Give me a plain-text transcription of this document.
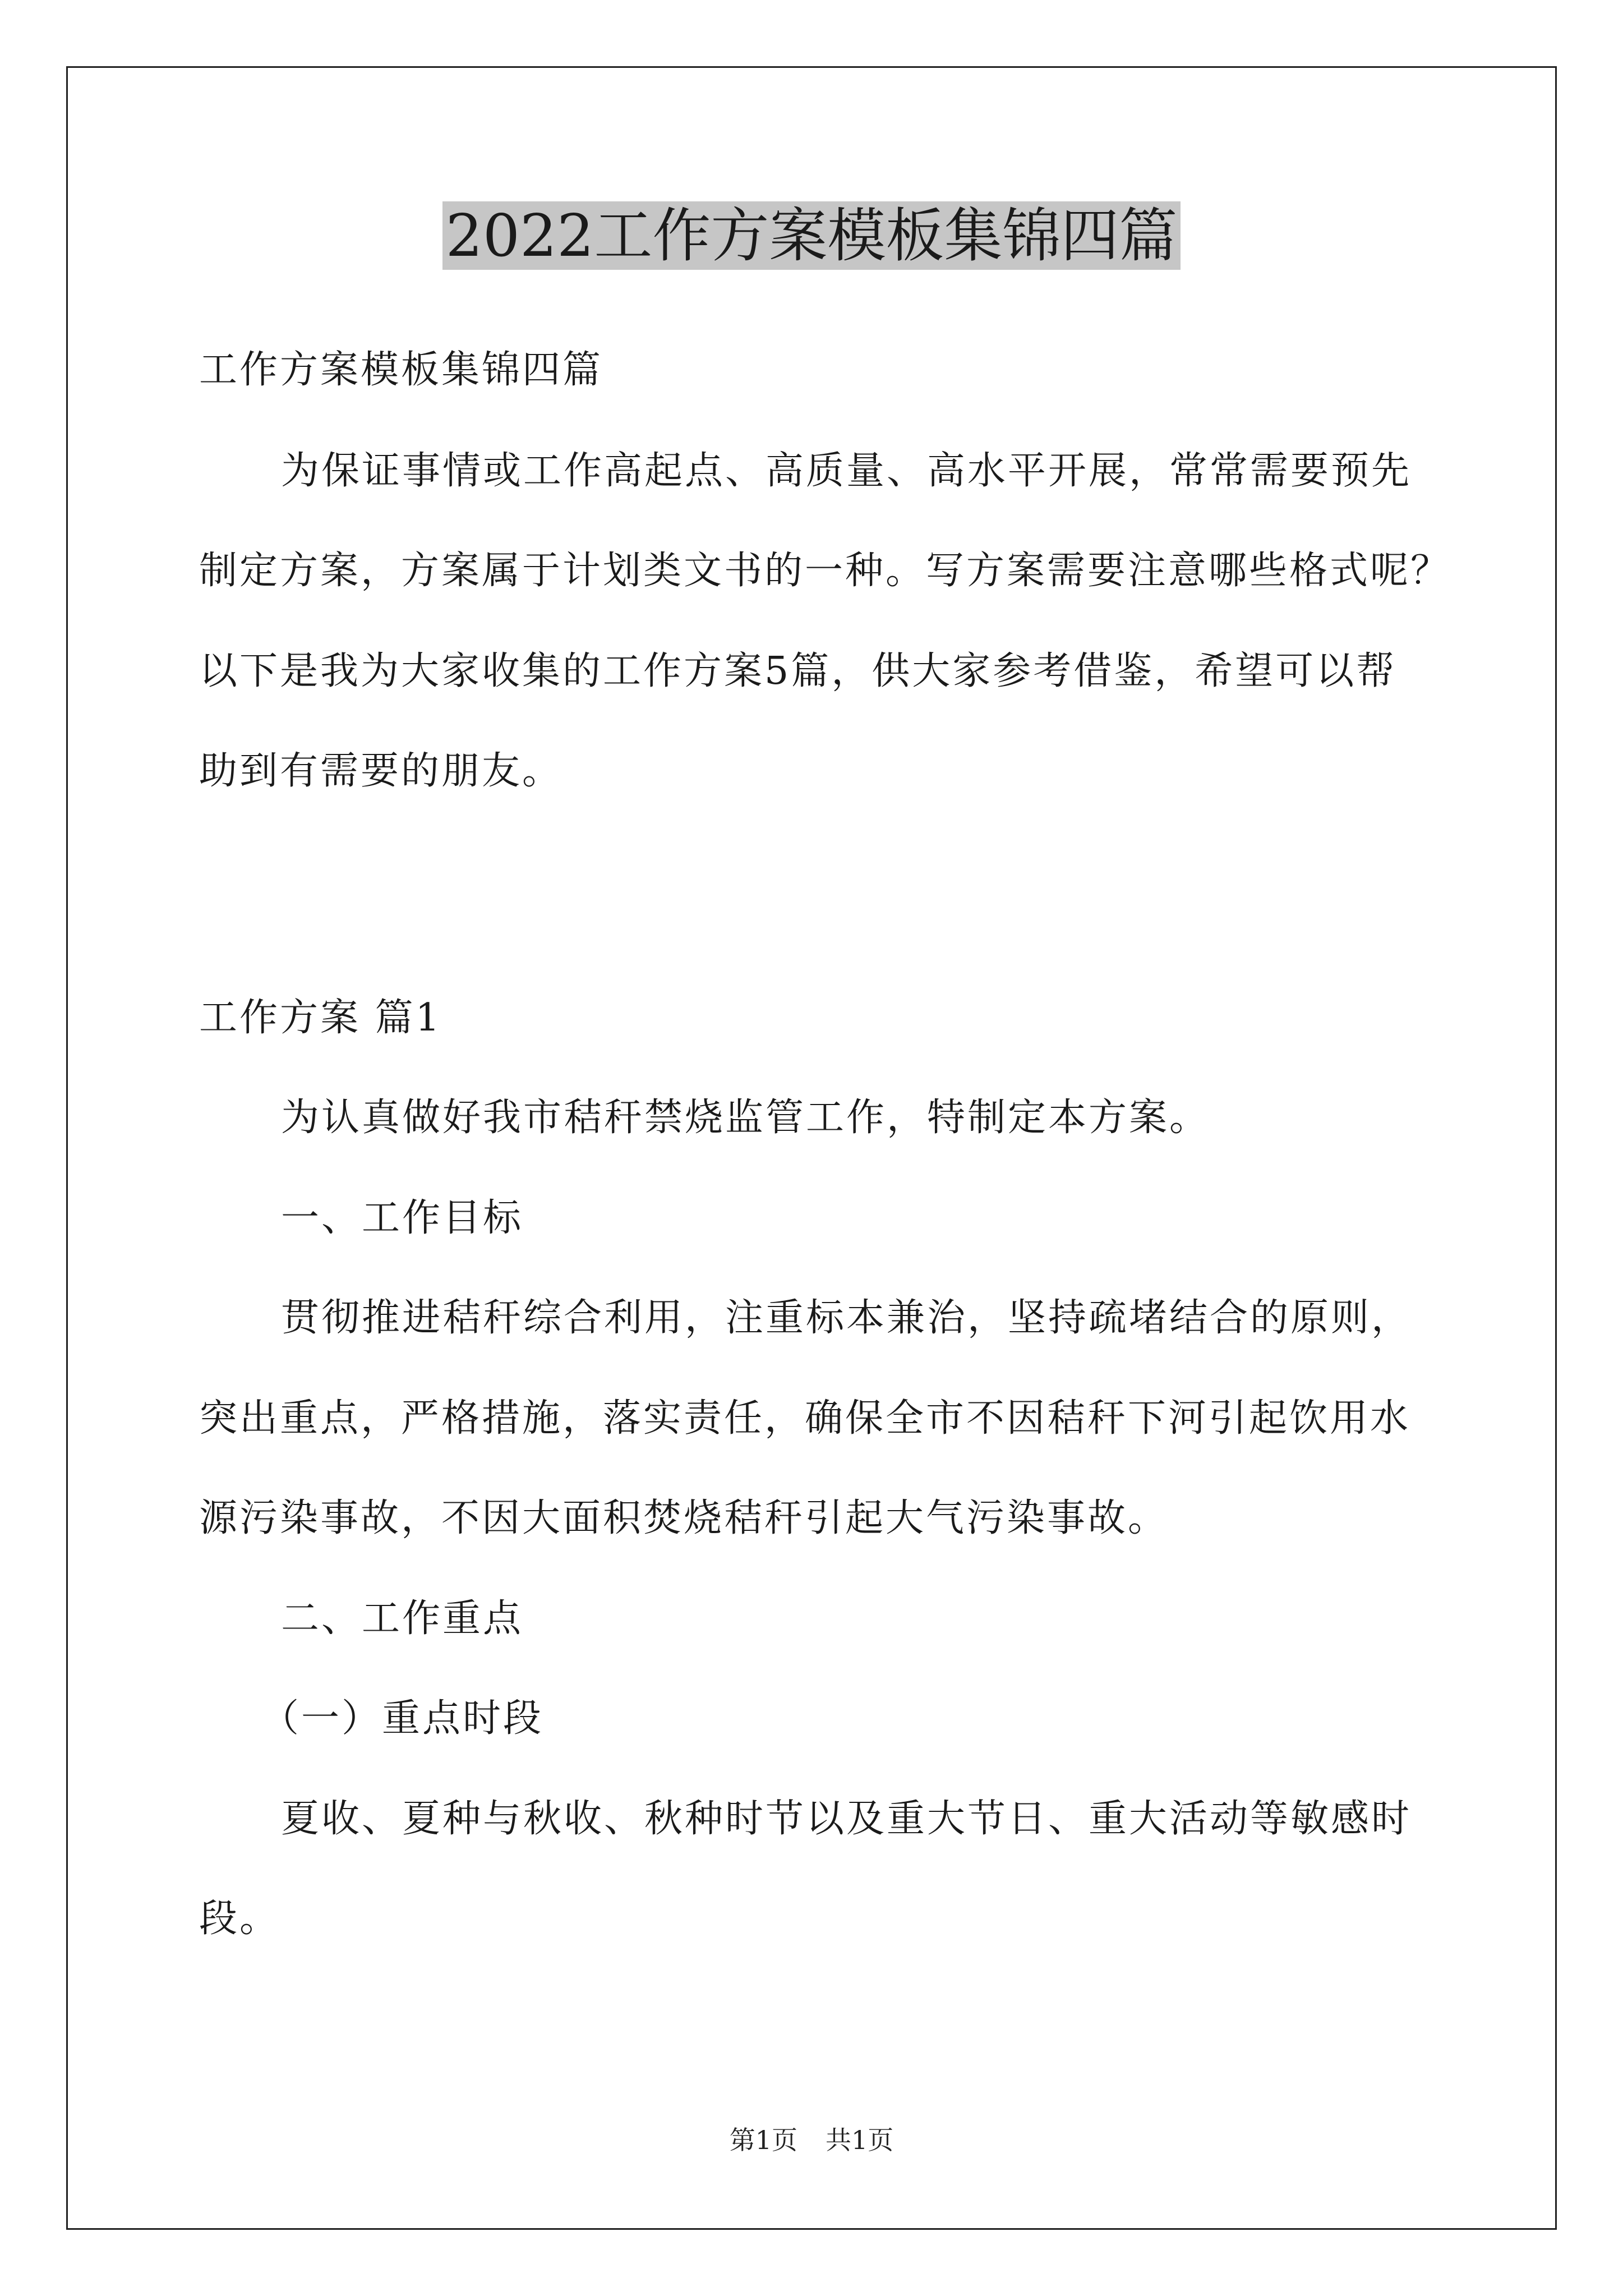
2022工作方案模板集锦四篇
工作方案模板集锦四篇
为保证事情或工作高起点、高质量、高水平开展，常常需要预先
制定方案，方案属于计划类文书的一种。写方案需要注意哪些格式呢？
以下是我为大家收集的工作方案5篇，供大家参考借鉴，希望可以帮
助到有需要的朋友。
工作方案 篇1
为认真做好我市秸秆禁烧监管工作，特制定本方案。
一、工作目标
贯彻推进秸秆综合利用，注重标本兼治，坚持疏堵结合的原则，
突出重点，严格措施，落实责任，确保全市不因秸秆下河引起饮用水
源污染事故，不因大面积焚烧秸秆引起大气污染事故。
二、工作重点
（一）重点时段
夏收、夏种与秋收、秋种时节以及重大节日、重大活动等敏感时
段。
第1页 共1页
